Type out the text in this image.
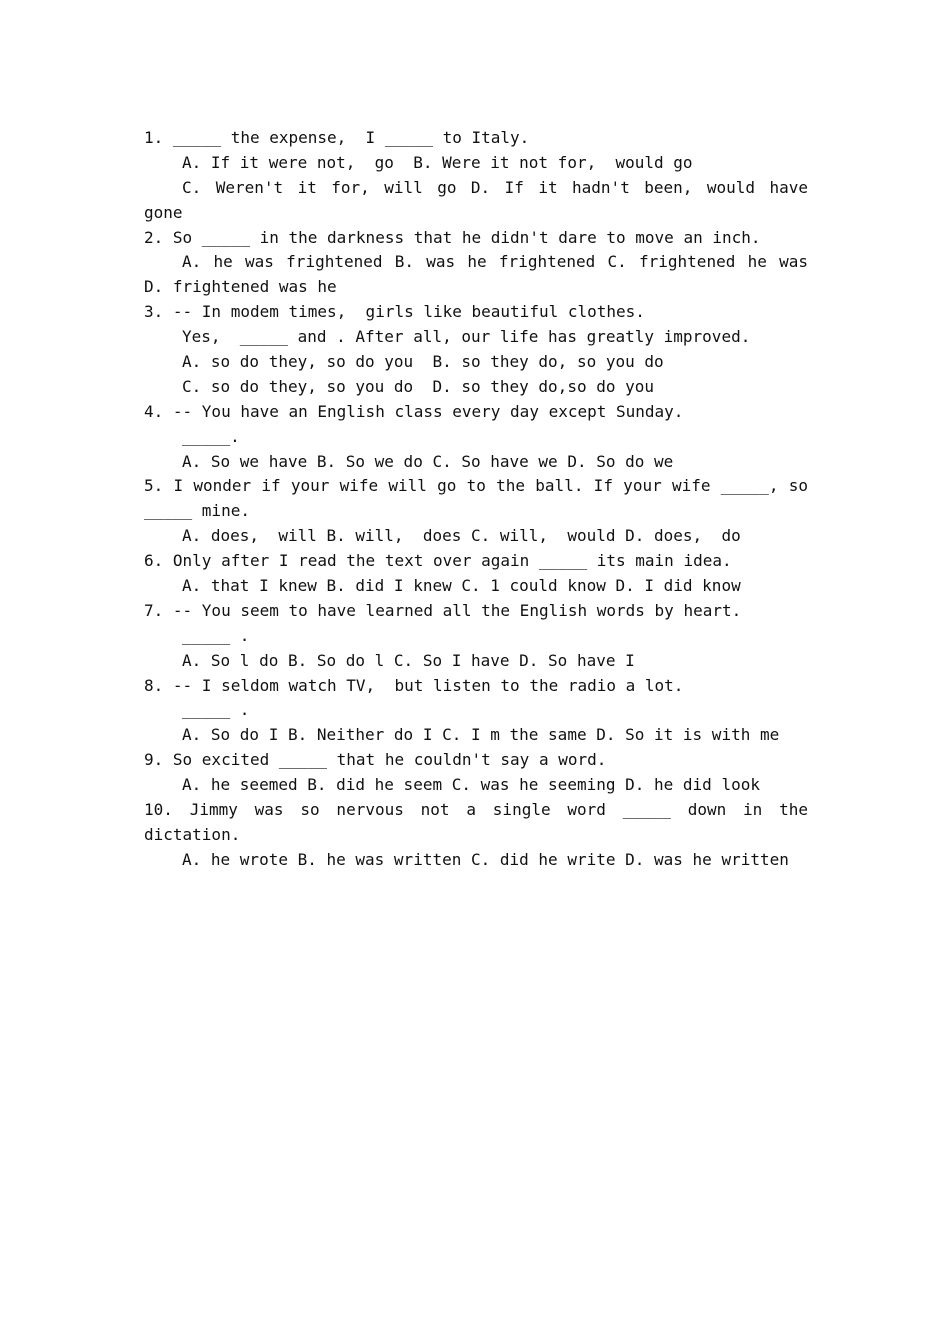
1. _____ the expense,  I _____ to Italy.
A. If it were not,  go  B. Were it not for,  would go
C. Weren't it for, will go D. If it hadn't been, would have
gone
2. So _____ in the darkness that he didn't dare to move an inch.
A. he was frightened B. was he frightened C. frightened he was
D. frightened was he
3. -- In modem times,  girls like beautiful clothes.
Yes,  _____ and . After all, our life has greatly improved.
A. so do they, so do you  B. so they do, so you do
C. so do they, so you do  D. so they do,so do you
4. -- You have an English class every day except Sunday.
_____.
A. So we have B. So we do C. So have we D. So do we
5. I wonder if your wife will go to the ball. If your wife _____, so
_____ mine.
A. does,  will B. will,  does C. will,  would D. does,  do
6. Only after I read the text over again _____ its main idea.
A. that I knew B. did I knew C. 1 could know D. I did know
7. -- You seem to have learned all the English words by heart.
_____ .
A. So l do B. So do l C. So I have D. So have I
8. -- I seldom watch TV,  but listen to the radio a lot.
_____ .
A. So do I B. Neither do I C. I m the same D. So it is with me
9. So excited _____ that he couldn't say a word.
A. he seemed B. did he seem C. was he seeming D. he did look
10. Jimmy was so nervous not a single word _____ down in the
dictation.
A. he wrote B. he was written C. did he write D. was he written
